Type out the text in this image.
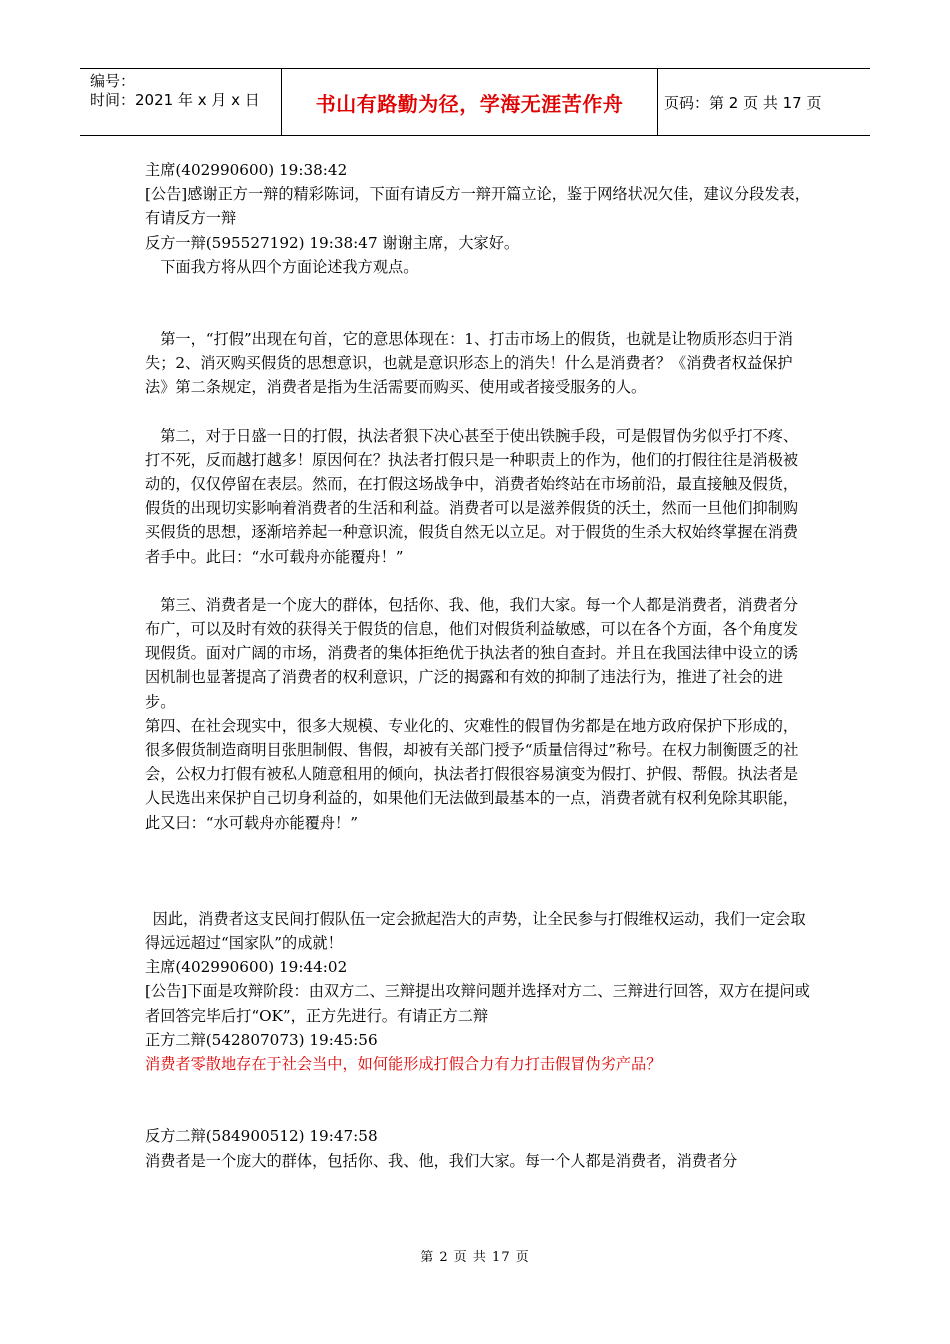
编号：
时间：2021 年 x 月 x 日	书山有路勤为径，学海无涯苦作舟	页码：第 2 页 共 17 页

主席(402990600) 19:38:42

[公告]感谢正方一辩的精彩陈词，下面有请反方一辩开篇立论，鉴于网络状况欠佳，建议分段发表，有请反方一辩

反方一辩(595527192) 19:38:47 谢谢主席，大家好。

下面我方将从四个方面论述我方观点。

第一，“打假”出现在句首，它的意思体现在：1、打击市场上的假货，也就是让物质形态归于消失；2、消灭购买假货的思想意识，也就是意识形态上的消失！什么是消费者？《消费者权益保护法》第二条规定，消费者是指为生活需要而购买、使用或者接受服务的人。

第二，对于日盛一日的打假，执法者狠下决心甚至于使出铁腕手段，可是假冒伪劣似乎打不疼、打不死，反而越打越多！原因何在？执法者打假只是一种职责上的作为，他们的打假往往是消极被动的，仅仅停留在表层。然而，在打假这场战争中，消费者始终站在市场前沿，最直接触及假货，假货的出现切实影响着消费者的生活和利益。消费者可以是滋养假货的沃土，然而一旦他们抑制购买假货的思想，逐渐培养起一种意识流，假货自然无以立足。对于假货的生杀大权始终掌握在消费者手中。此曰：“水可载舟亦能覆舟！”

第三、消费者是一个庞大的群体，包括你、我、他，我们大家。每一个人都是消费者，消费者分布广，可以及时有效的获得关于假货的信息，他们对假货利益敏感，可以在各个方面，各个角度发现假货。面对广阔的市场，消费者的集体拒绝优于执法者的独自查封。并且在我国法律中设立的诱因机制也显著提高了消费者的权利意识，广泛的揭露和有效的抑制了违法行为，推进了社会的进步。

第四、在社会现实中，很多大规模、专业化的、灾难性的假冒伪劣都是在地方政府保护下形成的，很多假货制造商明目张胆制假、售假，却被有关部门授予“质量信得过”称号。在权力制衡匮乏的社会，公权力打假有被私人随意租用的倾向，执法者打假很容易演变为假打、护假、帮假。执法者是人民选出来保护自己切身利益的，如果他们无法做到最基本的一点，消费者就有权利免除其职能，此又曰：“水可载舟亦能覆舟！”

因此，消费者这支民间打假队伍一定会掀起浩大的声势，让全民参与打假维权运动，我们一定会取得远远超过“国家队”的成就！

主席(402990600) 19:44:02

[公告]下面是攻辩阶段：由双方二、三辩提出攻辩问题并选择对方二、三辩进行回答，双方在提问或者回答完毕后打“OK”，正方先进行。有请正方二辩

正方二辩(542807073) 19:45:56

消费者零散地存在于社会当中，如何能形成打假合力有力打击假冒伪劣产品？

反方二辩(584900512) 19:47:58

消费者是一个庞大的群体，包括你、我、他，我们大家。每一个人都是消费者，消费者分

第 2 页 共 17 页
